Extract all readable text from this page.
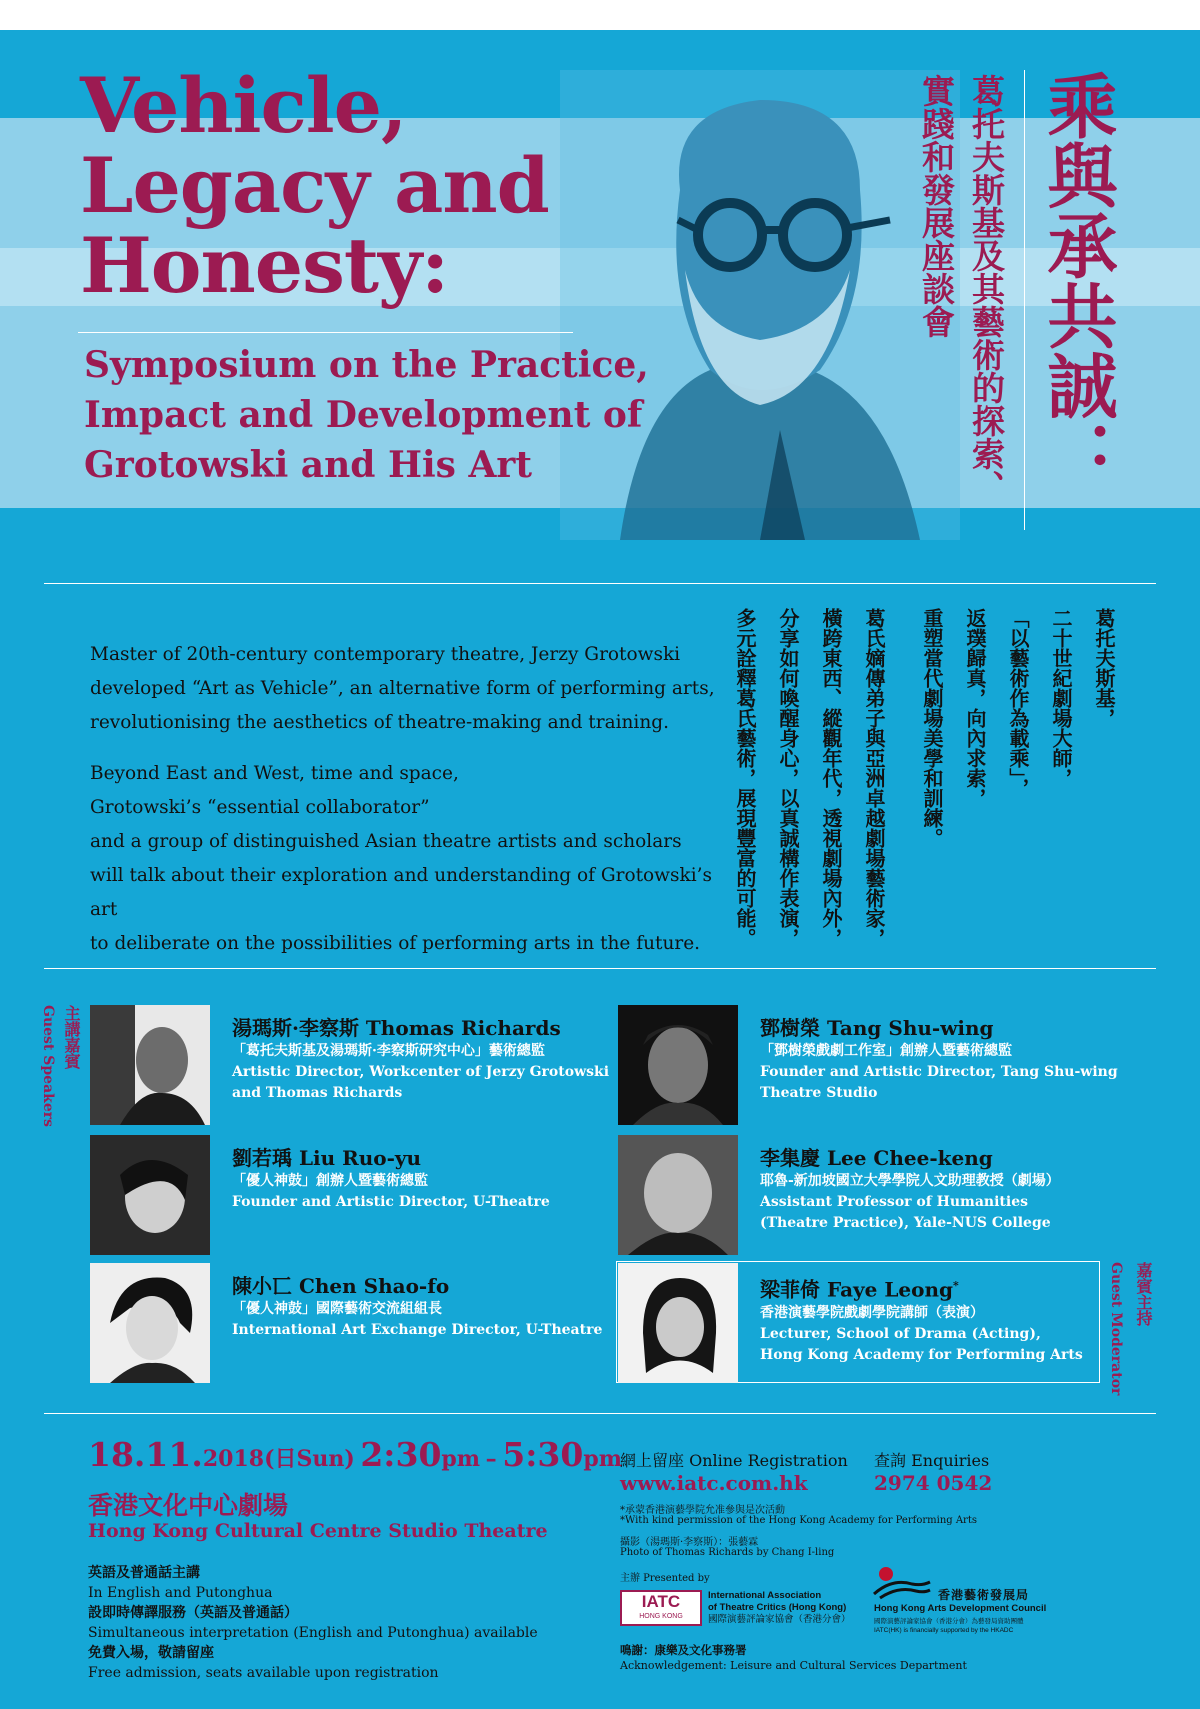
Vehicle,
Legacy and
Honesty:
Symposium on the Practice,
Impact and Development of
Grotowski and His Art	乘與承共誠：
葛托夫斯基及其藝術的探索、
實踐和發展座談會
Master of 20th-century contemporary theatre, Jerzy Grotowski
developed “Art as Vehicle”, an alternative form of performing arts,
revolutionising the aesthetics of theatre-making and training.
Beyond East and West, time and space,
Grotowski’s “essential collaborator”
and a group of distinguished Asian theatre artists and scholars
will talk about their exploration and understanding of Grotowski’s art
to deliberate on the possibilities of performing arts in the future.
葛托夫斯基，
二十世紀劇場大師，
「以藝術作為載乘」，
返璞歸真，向內求索，
重塑當代劇場美學和訓練。
葛氏嫡傳弟子與亞洲卓越劇場藝術家，
橫跨東西、縱觀年代，透視劇場內外，
分享如何喚醒身心，以真誠構作表演，
多元詮釋葛氏藝術，展現豐富的可能。
主講嘉賓
Guest Speakers	湯瑪斯·李察斯 Thomas Richards
「葛托夫斯基及湯瑪斯·李察斯研究中心」藝術總監
Artistic Director, Workcenter of Jerzy Grotowski
and Thomas Richards
鄧樹榮 Tang Shu-wing
「鄧樹榮戲劇工作室」創辦人暨藝術總監
Founder and Artistic Director, Tang Shu-wing
Theatre Studio
劉若瑀 Liu Ruo-yu
「優人神鼓」創辦人暨藝術總監
Founder and Artistic Director, U-Theatre
李集慶 Lee Chee-keng
耶魯-新加坡國立大學學院人文助理教授（劇場）
Assistant Professor of Humanities
(Theatre Practice), Yale-NUS College
陳小匸 Chen Shao-fo
「優人神鼓」國際藝術交流組組長
International Art Exchange Director, U-Theatre
梁菲倚 Faye Leong*
香港演藝學院戲劇學院講師（表演）
Lecturer, School of Drama (Acting),
Hong Kong Academy for Performing Arts
嘉賓主持
Guest Moderator
18.11.2018(日Sun) 2:30pm – 5:30pm
香港文化中心劇場
Hong Kong Cultural Centre Studio Theatre
英語及普通話主講
In English and Putonghua
設即時傳譯服務（英語及普通話）
Simultaneous interpretation (English and Putonghua) available
免費入場，敬請留座
Free admission, seats available upon registration
網上留座 Online Registration
www.iatc.com.hk
查詢 Enquiries
2974 0542
*承蒙香港演藝學院允准參與是次活動
*With kind permission of the Hong Kong Academy for Performing Arts
攝影（湯瑪斯·李察斯）：張藝霖
Photo of Thomas Richards by Chang I-ling
主辦 Presented by
IATC
HONG KONG
International Association
of Theatre Critics (Hong Kong)
國際演藝評論家協會（香港分會）
香港藝術發展局
Hong Kong Arts Development Council
國際演藝評論家協會（香港分會）為藝發局資助團體
IATC(HK) is financially supported by the HKADC
鳴謝：康樂及文化事務署
Acknowledgement: Leisure and Cultural Services Department
